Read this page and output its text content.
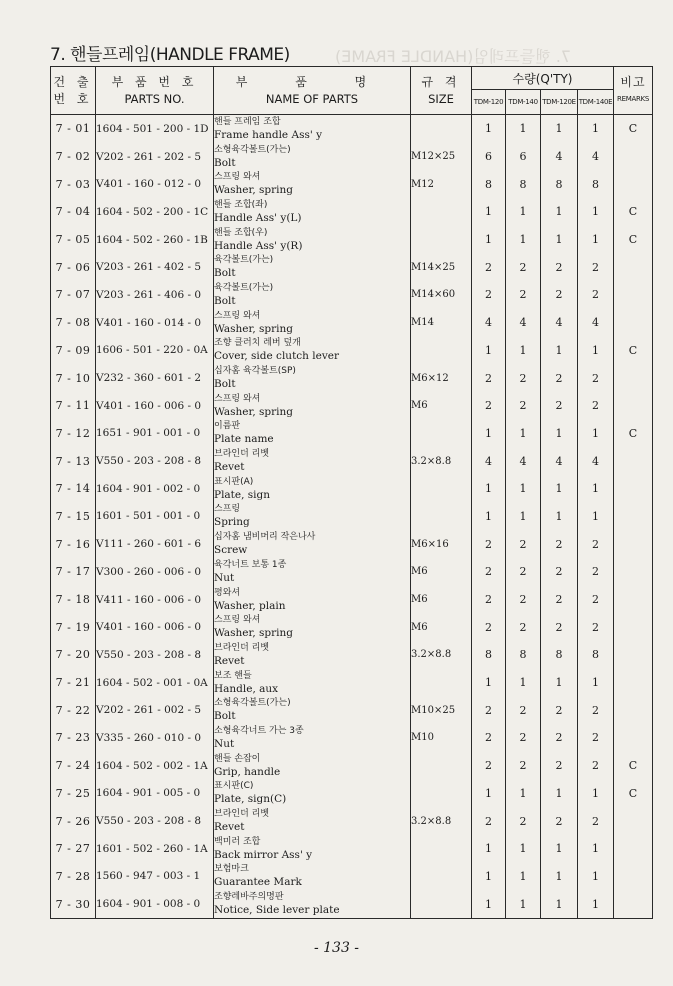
7. 핸들프레임(HANDLE FRAME)	7. 핸들프레임(HANDLE FRAME)
건 출
번 호	부 품 번 호
PARTS NO.	부 품 명
NAME OF PARTS	규 격
SIZE	수량(Q'TY)				비고
REMARKS

				TDM-120	TDM-140	TDM-120E	TDM-140E	
7 - 01	1604 - 501 - 200 - 1D	핸들 프레임 조합
Frame handle Ass' y		1	1	1	1	C
7 - 02	V202 - 261 - 202 - 5	소형육각볼트(가는)
Bolt	M12×25	6	6	4	4	
7 - 03	V401 - 160 - 012 - 0	스프링 와셔
Washer, spring	M12	8	8	8	8	
7 - 04	1604 - 502 - 200 - 1C	핸들 조합(좌)
Handle Ass' y(L)		1	1	1	1	C
7 - 05	1604 - 502 - 260 - 1B	핸들 조합(우)
Handle Ass' y(R)		1	1	1	1	C
7 - 06	V203 - 261 - 402 - 5	육각볼트(가는)
Bolt	M14×25	2	2	2	2	
7 - 07	V203 - 261 - 406 - 0	육각볼트(가는)
Bolt	M14×60	2	2	2	2	
7 - 08	V401 - 160 - 014 - 0	스프링 와셔
Washer, spring	M14	4	4	4	4	
7 - 09	1606 - 501 - 220 - 0A	조향 클러치 레버 덮개
Cover, side clutch lever		1	1	1	1	C
7 - 10	V232 - 360 - 601 - 2	십자홈 육각볼트(SP)
Bolt	M6×12	2	2	2	2	
7 - 11	V401 - 160 - 006 - 0	스프링 와셔
Washer, spring	M6	2	2	2	2	
7 - 12	1651 - 901 - 001 - 0	이름판
Plate name		1	1	1	1	C
7 - 13	V550 - 203 - 208 - 8	브라인더 리벳
Revet	3.2×8.8	4	4	4	4	
7 - 14	1604 - 901 - 002 - 0	표시판(A)
Plate, sign		1	1	1	1	
7 - 15	1601 - 501 - 001 - 0	스프링
Spring		1	1	1	1	
7 - 16	V111 - 260 - 601 - 6	십자홈 냄비머리 작은나사
Screw	M6×16	2	2	2	2	
7 - 17	V300 - 260 - 006 - 0	육각너트 보통 1종
Nut	M6	2	2	2	2	
7 - 18	V411 - 160 - 006 - 0	평와셔
Washer, plain	M6	2	2	2	2	
7 - 19	V401 - 160 - 006 - 0	스프링 와셔
Washer, spring	M6	2	2	2	2	
7 - 20	V550 - 203 - 208 - 8	브라인더 리벳
Revet	3.2×8.8	8	8	8	8	
7 - 21	1604 - 502 - 001 - 0A	보조 핸들
Handle, aux		1	1	1	1	
7 - 22	V202 - 261 - 002 - 5	소형육각볼트(가는)
Bolt	M10×25	2	2	2	2	
7 - 23	V335 - 260 - 010 - 0	소형육각너트 가는 3종
Nut	M10	2	2	2	2	
7 - 24	1604 - 502 - 002 - 1A	핸들 손잡이
Grip, handle		2	2	2	2	C
7 - 25	1604 - 901 - 005 - 0	표시판(C)
Plate, sign(C)		1	1	1	1	C
7 - 26	V550 - 203 - 208 - 8	브라인더 리벳
Revet	3.2×8.8	2	2	2	2	
7 - 27	1601 - 502 - 260 - 1A	백미러 조합
Back mirror Ass' y		1	1	1	1	
7 - 28	1560 - 947 - 003 - 1	보험마크
Guarantee Mark		1	1	1	1	
7 - 30	1604 - 901 - 008 - 0	조향레바주의명판
Notice, Side lever plate		1	1	1	1	
- 133 -
